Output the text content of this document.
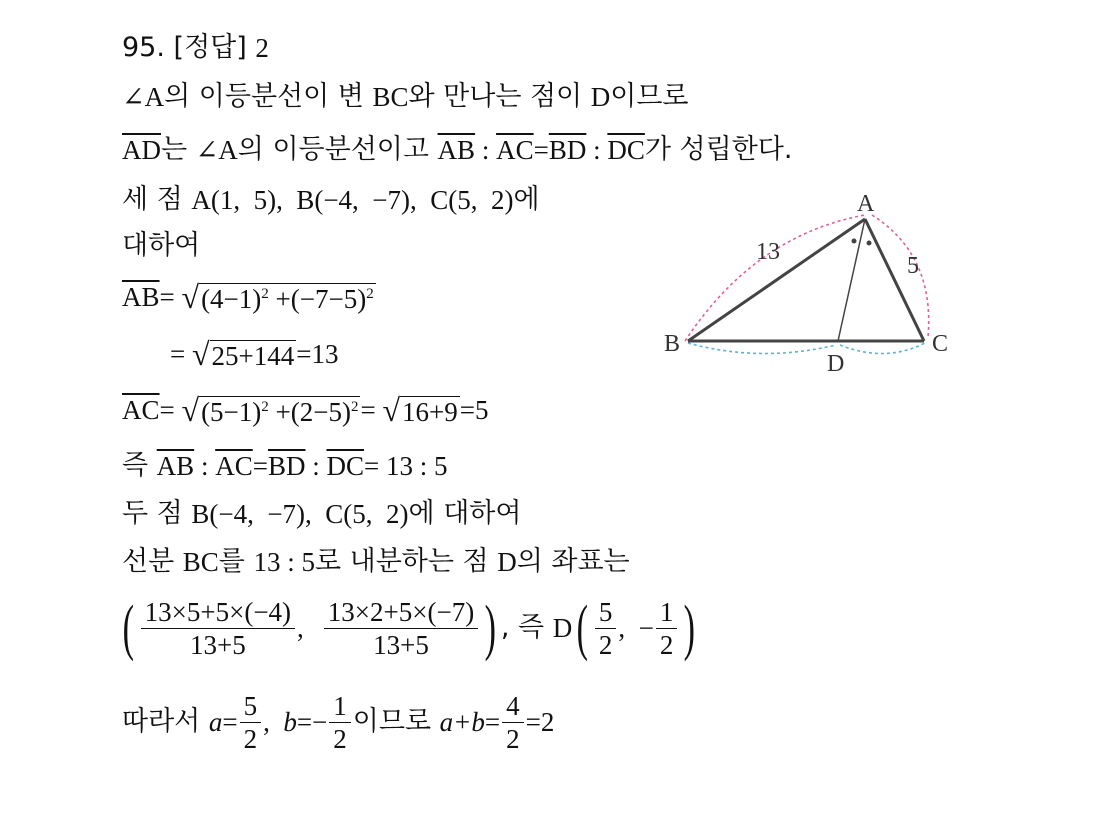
95.
[정답]
2
∠A 의 이등분선이 변 BC 와 만나는 점이 D 이므로
$\overline{AD}$ 는 ∠A 의 이등분선이고 $\overline{AB}$ : $\overline{AC} = \overline{BD}$ : $\overline{DC}$ 가 성립한다.
세 점 A(1,  5),  B(−4,  −7),  C(5,  2) 에
대하여
$\overline{AB}$ = √ $(4-1)^2 +(-7-5)^2$
= √ 25+144 =13
$\overline{AC}$ = √ $(5-1)^2 +(2-5)^2$ = √ 16+9 =5
즉 $\overline{AB}$ : $\overline{AC} = \overline{BD}$ : $\overline{DC} = 13$ : 5
두 점 B(−4,  −7),  C(5,  2) 에 대하여
선분 BC 를 13 : 5 로 내분하는 점 D 의 좌표는
( $\frac{13\times 5+5\times(-4)}{13+5}$ , $\frac{13\times 2+5\times(-7)}{13+5}$ ) , 즉 D ( $\frac{5}{2}$ ,  − $\frac{1}{2}$ )
따라서 $a = \frac{5}{2}$ , $b =- \frac{1}{2}$ 이므로 $a+b = \frac{4}{2} =2$
A
B	C
D
13
5
